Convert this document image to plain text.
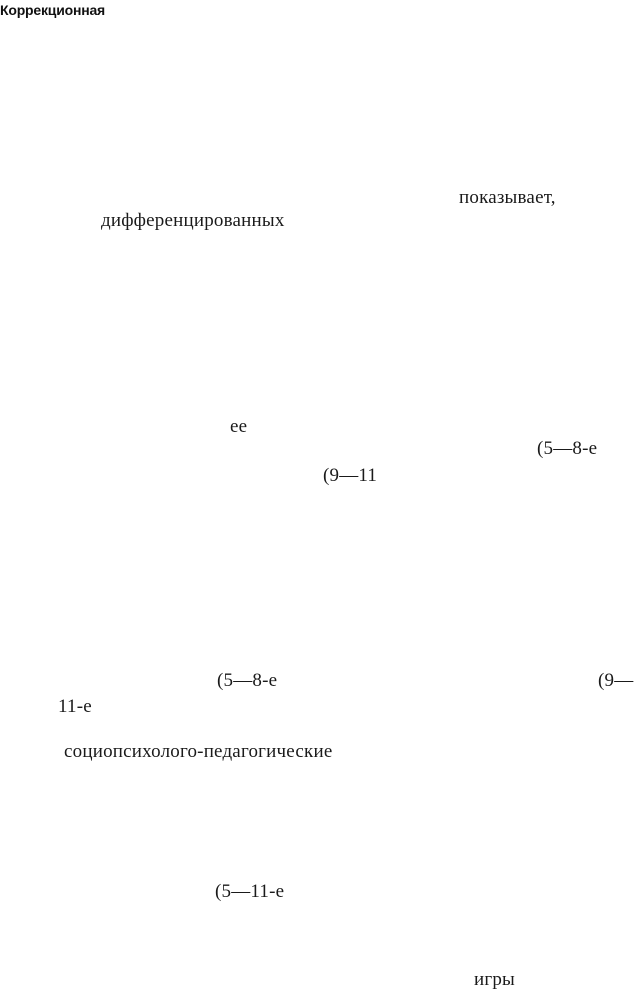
Коррекционная
показывает,
дифференцированных
ее
(5—8-е
(9—11
(5—8-е	(9—
11-е
социопсихолого-педагогические
(5—11-е
игры
